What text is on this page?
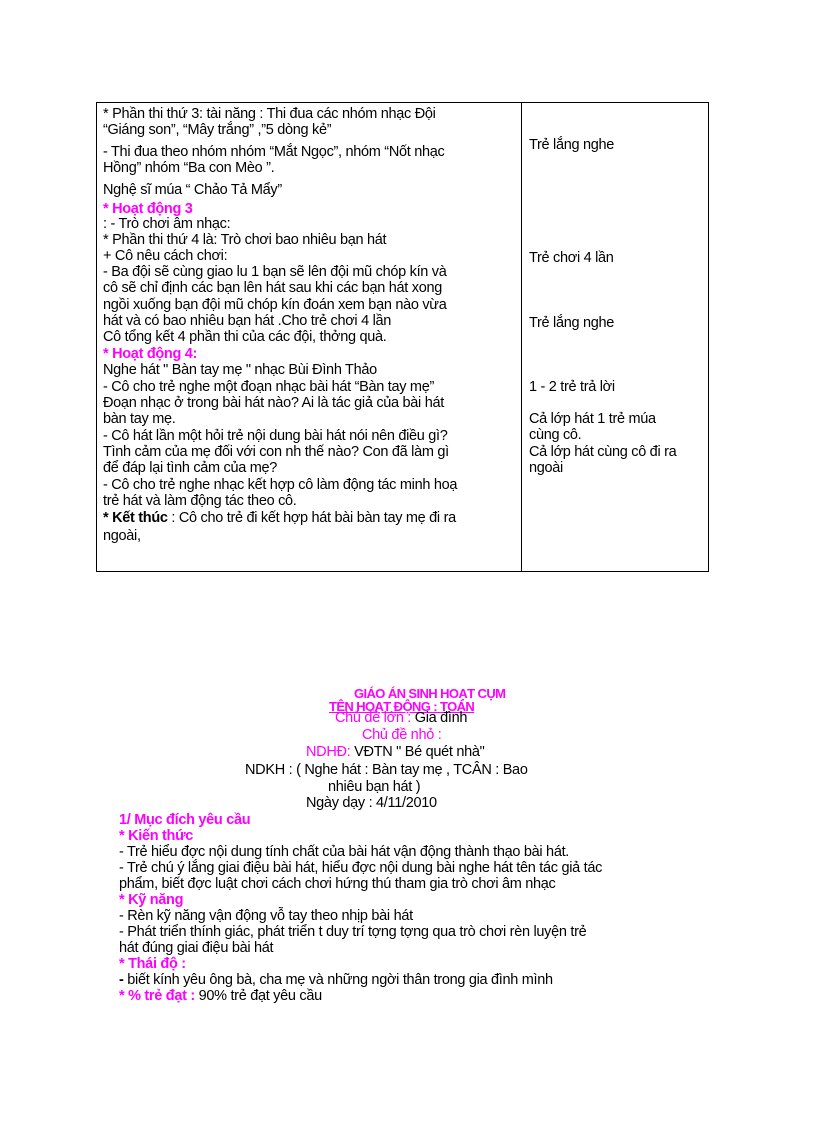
* Phần thi thứ 3: tài năng : Thi đua các nhóm nhạc Đội
“Giáng son”, “Mây trắng” ,”5 dòng kẻ”
- Thi đua theo nhóm nhóm “Mắt Ngọc”, nhóm “Nốt nhạc
Hồng” nhóm “Ba con Mèo ”.
Nghệ sĩ múa “ Chảo Tả Mẩy”
* Hoạt động 3
: - Trò chơi âm nhạc:
* Phần thi thứ 4 là: Trò chơi bao nhiêu bạn hát
+ Cô nêu cách chơi:
- Ba đội sẽ cùng giao lu 1 bạn sẽ lên đội mũ chóp kín và
cô sẽ chỉ định các bạn lên hát sau khi các bạn hát xong
ngồi xuống bạn đội mũ chóp kín đoán xem bạn nào vừa
hát và có bao nhiêu bạn hát .Cho trẻ chơi 4 lần
Cô tổng kết 4 phần thi của các đội, thởng quà.
* Hoạt động 4:
Nghe hát " Bàn tay mẹ " nhạc Bùi Đình Thảo
- Cô cho trẻ nghe một đoạn nhạc bài hát “Bàn tay mẹ”
Đoạn nhạc ở trong bài hát nào? Ai là tác giả của bài hát
bàn tay mẹ.
- Cô hát lần một hỏi trẻ nội dung bài hát nói nên điều gì?
Tình cảm của mẹ đối với con nh thế nào? Con đã làm gì
để đáp lại tình cảm của mẹ?
- Cô cho trẻ nghe nhạc kết hợp cô làm động tác minh hoạ
trẻ hát và làm động tác theo cô.
* Kết thúc : Cô cho trẻ đi kết hợp hát bài bàn tay mẹ đi ra
ngoài,
Trẻ lắng nghe
Trẻ chơi 4 lần
Trẻ lắng nghe
1 - 2 trẻ trả lời
Cả lớp hát 1 trẻ múa
cùng cô.
Cả lớp hát cùng cô đi ra
ngoài
GIÁO ÁN SINH HOẠT CỤM
TÊN HOẠT ĐỘNG : TOÁN
Chủ đề lớn : Gia đình
Chủ đề nhỏ :
NDHĐ: VĐTN " Bé quét nhà"
NDKH : ( Nghe hát : Bàn tay mẹ , TCÂN : Bao
nhiêu bạn hát )
Ngày dạy : 4/11/2010
1/ Mục đích yêu cầu
* Kiến thức
- Trẻ hiểu đợc nội dung tính chất của bài hát vận động thành thạo bài hát.
- Trẻ chú ý lắng giai điệu bài hát, hiểu đợc nội dung bài nghe hát tên tác giả tác
phẩm, biết đợc luật chơi cách chơi hứng thú tham gia trò chơi âm nhạc
* Kỹ năng
- Rèn kỹ năng vận động vỗ tay theo nhịp bài hát
- Phát triển thính giác, phát triển t duy trí tợng tợng qua trò chơi rèn luyện trẻ
hát đúng giai điệu bài hát
* Thái độ :
- biết kính yêu ông bà, cha mẹ và những ngời thân trong gia đình mình
* % trẻ đạt : 90% trẻ đạt yêu cầu
